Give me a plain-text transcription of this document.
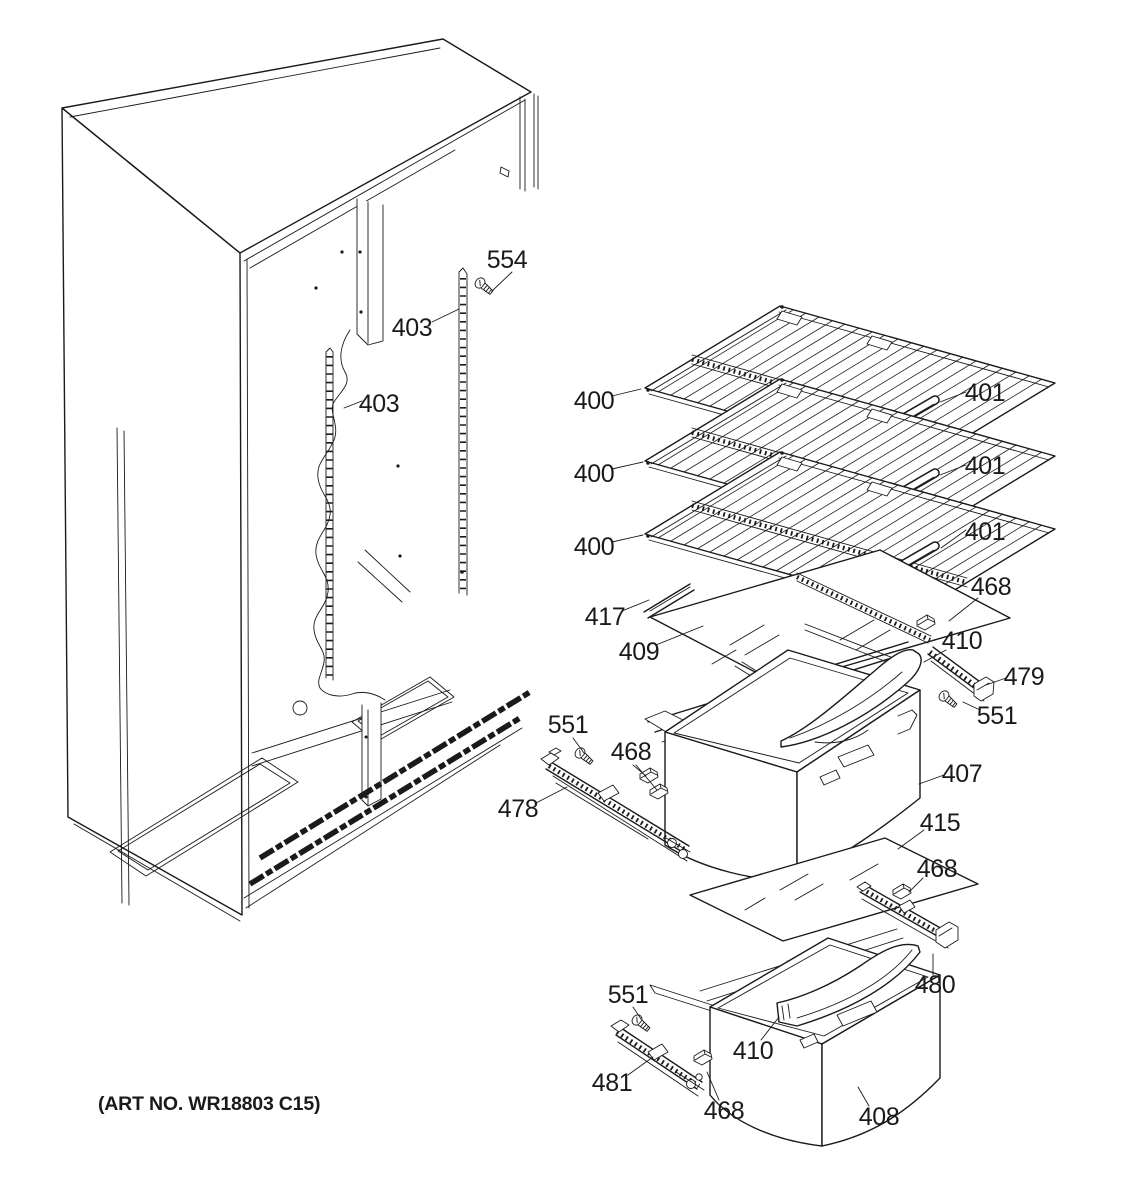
554
403
403	400
400
400
401
401
401
417
409
468
410
479
551
551
468
478
407
415
468
480
551
410
481
468	408
(ART NO. WR18803 C15)
